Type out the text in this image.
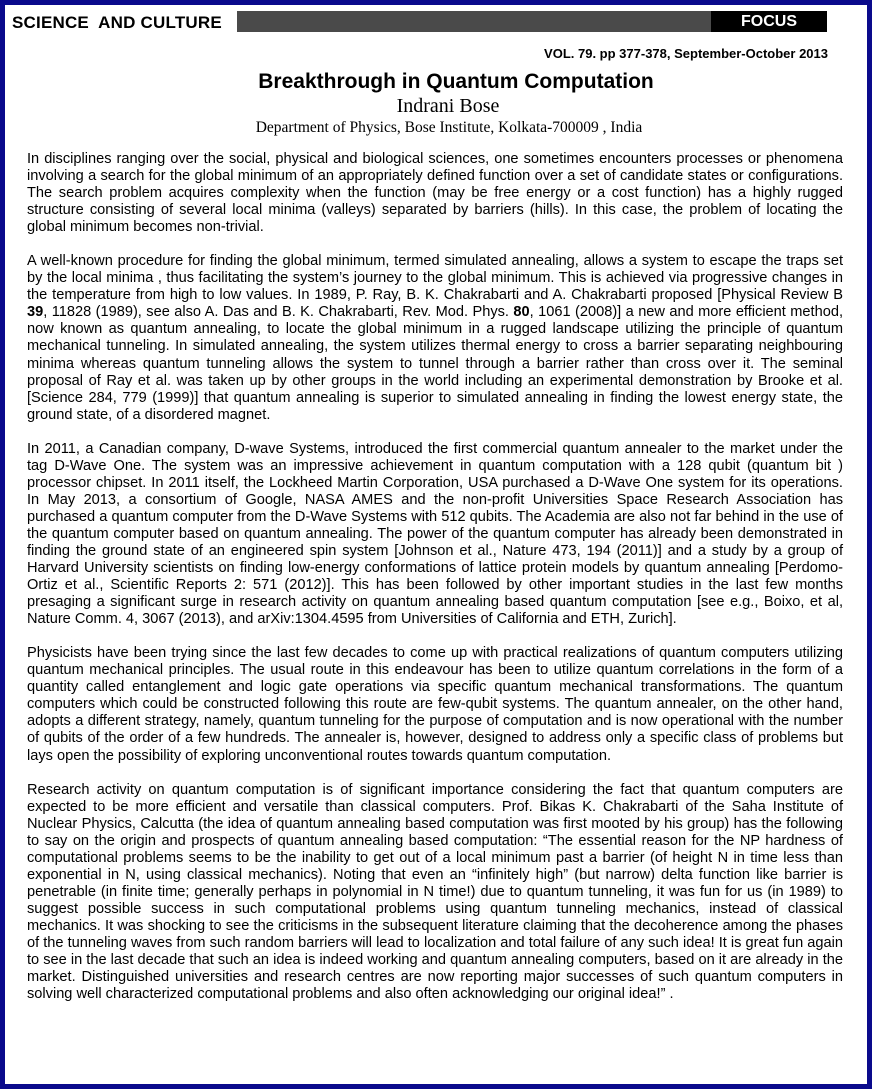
SCIENCE  AND CULTURE	FOCUS
VOL. 79. pp 377-378, September-October 2013
Breakthrough in Quantum Computation
Indrani Bose
Department of Physics, Bose Institute, Kolkata-700009 , India

In disciplines ranging over the social, physical and biological sciences, one sometimes encounters processes or phenomena involving a search for the global minimum of an appropriately defined function over a set of candidate states or configurations. The search problem acquires complexity when the function (may be free energy or a cost function) has a highly rugged structure consisting of several local minima (valleys) separated by barriers (hills). In this case, the problem of locating the global minimum becomes non-trivial.

A well-known procedure for finding the global minimum, termed simulated annealing, allows a system to escape the traps set by the local minima , thus facilitating the system’s journey to the global minimum. This is achieved via progressive changes in the temperature from high to low values. In 1989, P. Ray, B. K. Chakrabarti and A. Chakrabarti proposed [Physical Review B 39, 11828 (1989), see also A. Das and B. K. Chakrabarti, Rev. Mod. Phys. 80, 1061 (2008)] a new and more efficient method, now known as quantum annealing, to locate the global minimum in a rugged landscape utilizing the principle of quantum mechanical tunneling. In simulated annealing, the system utilizes thermal energy to cross a barrier separating neighbouring minima whereas quantum tunneling allows the system to tunnel through a barrier rather than cross over it. The seminal proposal of Ray et al. was taken up by other groups in the world including an experimental demonstration by Brooke et al. [Science 284, 779 (1999)] that quantum annealing is superior to simulated annealing in finding the lowest energy state, the ground state, of a disordered magnet.

In 2011, a Canadian company, D-wave Systems, introduced the first commercial quantum annealer to the market under the tag D-Wave One. The system was an impressive achievement in quantum computation with a 128 qubit (quantum bit ) processor chipset. In 2011 itself, the Lockheed Martin Corporation, USA purchased a D-Wave One system for its operations. In May 2013, a consortium of Google, NASA AMES and the non-profit Universities Space Research Association has purchased a quantum computer from the D-Wave Systems with 512 qubits. The Academia are also not far behind in the use of the quantum computer based on quantum annealing. The power of the quantum computer has already been demonstrated in finding the ground state of an engineered spin system [Johnson et al., Nature 473, 194 (2011)] and a study by a group of Harvard University scientists on finding low-energy conformations of lattice protein models by quantum annealing [Perdomo-Ortiz et al., Scientific Reports 2: 571 (2012)]. This has been followed by other important studies in the last few months presaging a significant surge in research activity on quantum annealing based quantum computation [see e.g., Boixo, et al, Nature Comm. 4, 3067 (2013), and arXiv:1304.4595 from Universities of California and ETH, Zurich].

Physicists have been trying since the last few decades to come up with practical realizations of quantum computers utilizing quantum mechanical principles. The usual route in this endeavour has been to utilize quantum correlations in the form of a quantity called entanglement and logic gate operations via specific quantum mechanical transformations. The quantum computers which could be constructed following this route are few-qubit systems. The quantum annealer, on the other hand, adopts a different strategy, namely, quantum tunneling for the purpose of computation and is now operational with the number of qubits of the order of a few hundreds. The annealer is, however, designed to address only a specific class of problems but lays open the possibility of exploring unconventional routes towards quantum computation.

Research activity on quantum computation is of significant importance considering the fact that quantum computers are expected to be more efficient and versatile than classical computers. Prof. Bikas K. Chakrabarti of the Saha Institute of Nuclear Physics, Calcutta (the idea of quantum annealing based computation was first mooted by his group) has the following to say on the origin and prospects of quantum annealing based computation: “The essential reason for the NP hardness of computational problems seems to be the inability to get out of a local minimum past a barrier (of height N in time less than exponential in N, using classical mechanics). Noting that even an “infinitely high” (but narrow) delta function like barrier is penetrable (in finite time; generally perhaps in polynomial in N time!) due to quantum tunneling, it was fun for us (in 1989) to suggest possible success in such computational problems using quantum tunneling mechanics, instead of classical mechanics. It was shocking to see the criticisms in the subsequent literature claiming that the decoherence among the phases of the tunneling waves from such random barriers will lead to localization and total failure of any such idea! It is great fun again to see in the last decade that such an idea is indeed working and quantum annealing computers, based on it are already in the market. Distinguished universities and research centres are now reporting major successes of such quantum computers in solving well characterized computational problems and also often acknowledging our original idea!” .
